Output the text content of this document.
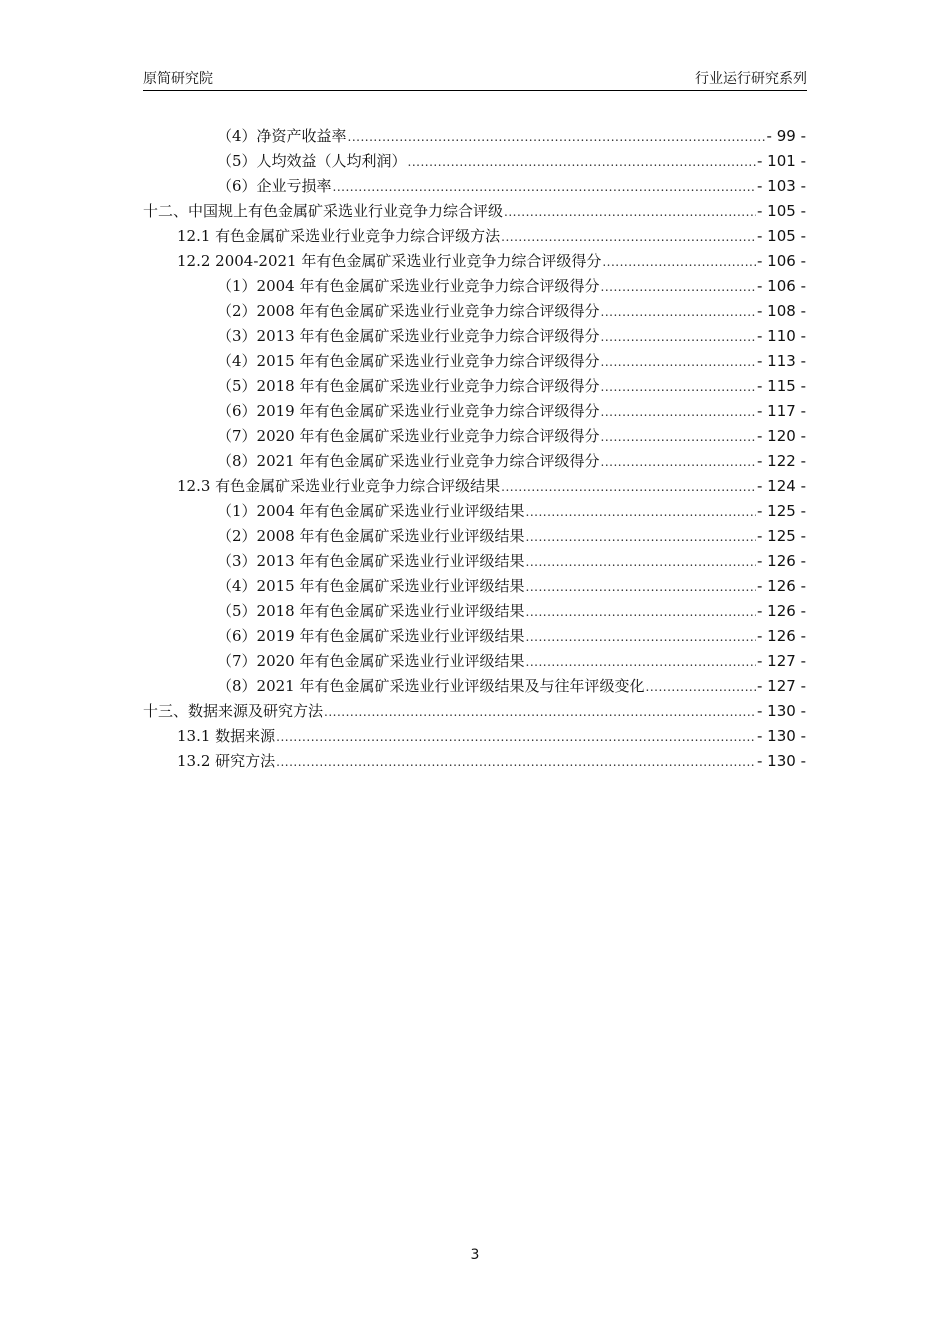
原简研究院	行业运行研究系列
（4）净资产收益率 .....	- 99 -
（5）人均效益（人均利润） .....	- 101 -
（6）企业亏损率 .....	- 103 -
十二、中国规上有色金属矿采选业行业竞争力综合评级 .....	- 105 -
12.1 有色金属矿采选业行业竞争力综合评级方法 .....	- 105 -
12.2 2004-2021 年有色金属矿采选业行业竞争力综合评级得分 .....	- 106 -
（1）2004 年有色金属矿采选业行业竞争力综合评级得分 .....	- 106 -
（2）2008 年有色金属矿采选业行业竞争力综合评级得分 .....	- 108 -
（3）2013 年有色金属矿采选业行业竞争力综合评级得分 .....	- 110 -
（4）2015 年有色金属矿采选业行业竞争力综合评级得分 .....	- 113 -
（5）2018 年有色金属矿采选业行业竞争力综合评级得分 .....	- 115 -
（6）2019 年有色金属矿采选业行业竞争力综合评级得分 .....	- 117 -
（7）2020 年有色金属矿采选业行业竞争力综合评级得分 .....	- 120 -
（8）2021 年有色金属矿采选业行业竞争力综合评级得分 .....	- 122 -
12.3 有色金属矿采选业行业竞争力综合评级结果 .....	- 124 -
（1）2004 年有色金属矿采选业行业评级结果 .....	- 125 -
（2）2008 年有色金属矿采选业行业评级结果 .....	- 125 -
（3）2013 年有色金属矿采选业行业评级结果 .....	- 126 -
（4）2015 年有色金属矿采选业行业评级结果 .....	- 126 -
（5）2018 年有色金属矿采选业行业评级结果 .....	- 126 -
（6）2019 年有色金属矿采选业行业评级结果 .....	- 126 -
（7）2020 年有色金属矿采选业行业评级结果 .....	- 127 -
（8）2021 年有色金属矿采选业行业评级结果及与往年评级变化 .....	- 127 -
十三、数据来源及研究方法 .....	- 130 -
13.1 数据来源 .....	- 130 -
13.2 研究方法 .....	- 130 -
3
